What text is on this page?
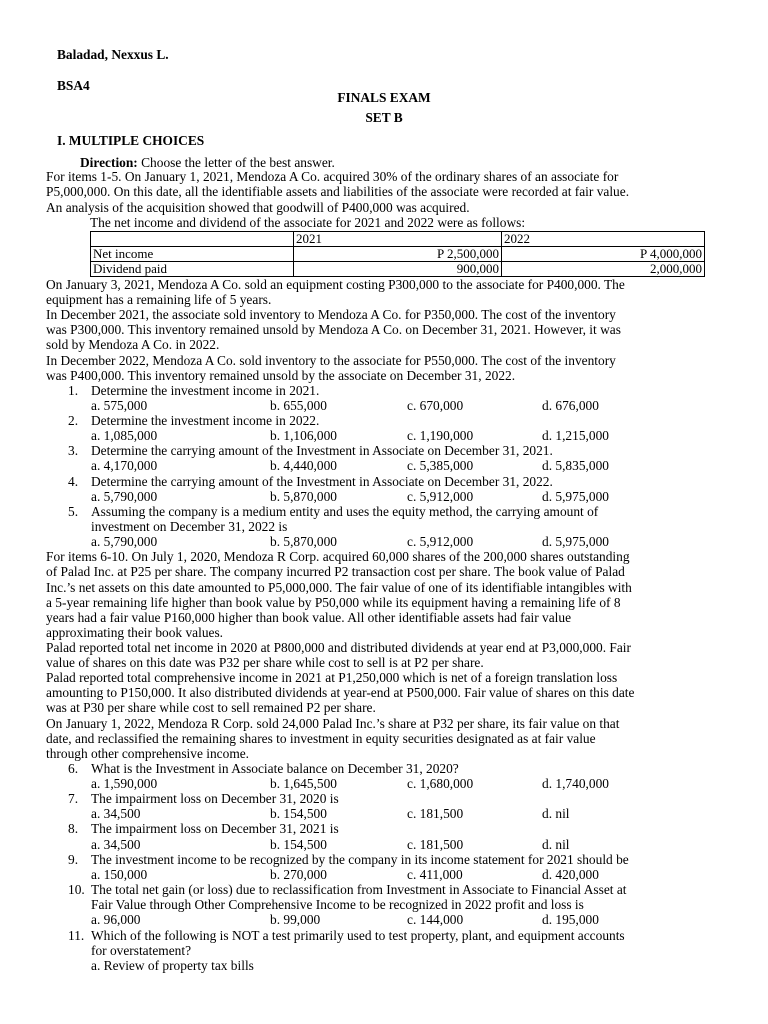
Baladad, Nexxus L.
BSA4
FINALS EXAM
SET B
I. MULTIPLE CHOICES
Direction: Choose the letter of the best answer.
For items 1-5. On January 1, 2021, Mendoza A Co. acquired 30% of the ordinary shares of an associate for
P5,000,000. On this date, all the identifiable assets and liabilities of the associate were recorded at fair value.
An analysis of the acquisition showed that goodwill of P400,000 was acquired.
The net income and dividend of the associate for 2021 and 2022 were as follows:
	2021	2022
Net income	P 2,500,000	P 4,000,000
Dividend paid	900,000	2,000,000
On January 3, 2021, Mendoza A Co. sold an equipment costing P300,000 to the associate for P400,000. The
equipment has a remaining life of 5 years.
In December 2021, the associate sold inventory to Mendoza A Co. for P350,000. The cost of the inventory
was P300,000. This inventory remained unsold by Mendoza A Co. on December 31, 2021. However, it was
sold by Mendoza A Co. in 2022.
In December 2022, Mendoza A Co. sold inventory to the associate for P550,000. The cost of the inventory
was P400,000. This inventory remained unsold by the associate on December 31, 2022.
1. Determine the investment income in 2021.
a. 575,000	b. 655,000	c. 670,000	d. 676,000
2. Determine the investment income in 2022.
a. 1,085,000	b. 1,106,000	c. 1,190,000	d. 1,215,000
3. Determine the carrying amount of the Investment in Associate on December 31, 2021.
a. 4,170,000	b. 4,440,000	c. 5,385,000	d. 5,835,000
4. Determine the carrying amount of the Investment in Associate on December 31, 2022.
a. 5,790,000	b. 5,870,000	c. 5,912,000	d. 5,975,000
5. Assuming the company is a medium entity and uses the equity method, the carrying amount of
investment on December 31, 2022 is
a. 5,790,000	b. 5,870,000	c. 5,912,000	d. 5,975,000
For items 6-10. On July 1, 2020, Mendoza R Corp. acquired 60,000 shares of the 200,000 shares outstanding
of Palad Inc. at P25 per share. The company incurred P2 transaction cost per share. The book value of Palad
Inc.’s net assets on this date amounted to P5,000,000. The fair value of one of its identifiable intangibles with
a 5-year remaining life higher than book value by P50,000 while its equipment having a remaining life of 8
years had a fair value P160,000 higher than book value. All other identifiable assets had fair value
approximating their book values.
Palad reported total net income in 2020 at P800,000 and distributed dividends at year end at P3,000,000. Fair
value of shares on this date was P32 per share while cost to sell is at P2 per share.
Palad reported total comprehensive income in 2021 at P1,250,000 which is net of a foreign translation loss
amounting to P150,000. It also distributed dividends at year-end at P500,000. Fair value of shares on this date
was at P30 per share while cost to sell remained P2 per share.
On January 1, 2022, Mendoza R Corp. sold 24,000 Palad Inc.’s share at P32 per share, its fair value on that
date, and reclassified the remaining shares to investment in equity securities designated as at fair value
through other comprehensive income.
6. What is the Investment in Associate balance on December 31, 2020?
a. 1,590,000	b. 1,645,500	c. 1,680,000	d. 1,740,000
7. The impairment loss on December 31, 2020 is
a. 34,500	b. 154,500	c. 181,500	d. nil
8. The impairment loss on December 31, 2021 is
a. 34,500	b. 154,500	c. 181,500	d. nil
9. The investment income to be recognized by the company in its income statement for 2021 should be
a. 150,000	b. 270,000	c. 411,000	d. 420,000
10. The total net gain (or loss) due to reclassification from Investment in Associate to Financial Asset at
Fair Value through Other Comprehensive Income to be recognized in 2022 profit and loss is
a. 96,000	b. 99,000	c. 144,000	d. 195,000
11. Which of the following is NOT a test primarily used to test property, plant, and equipment accounts
for overstatement?
a. Review of property tax bills
